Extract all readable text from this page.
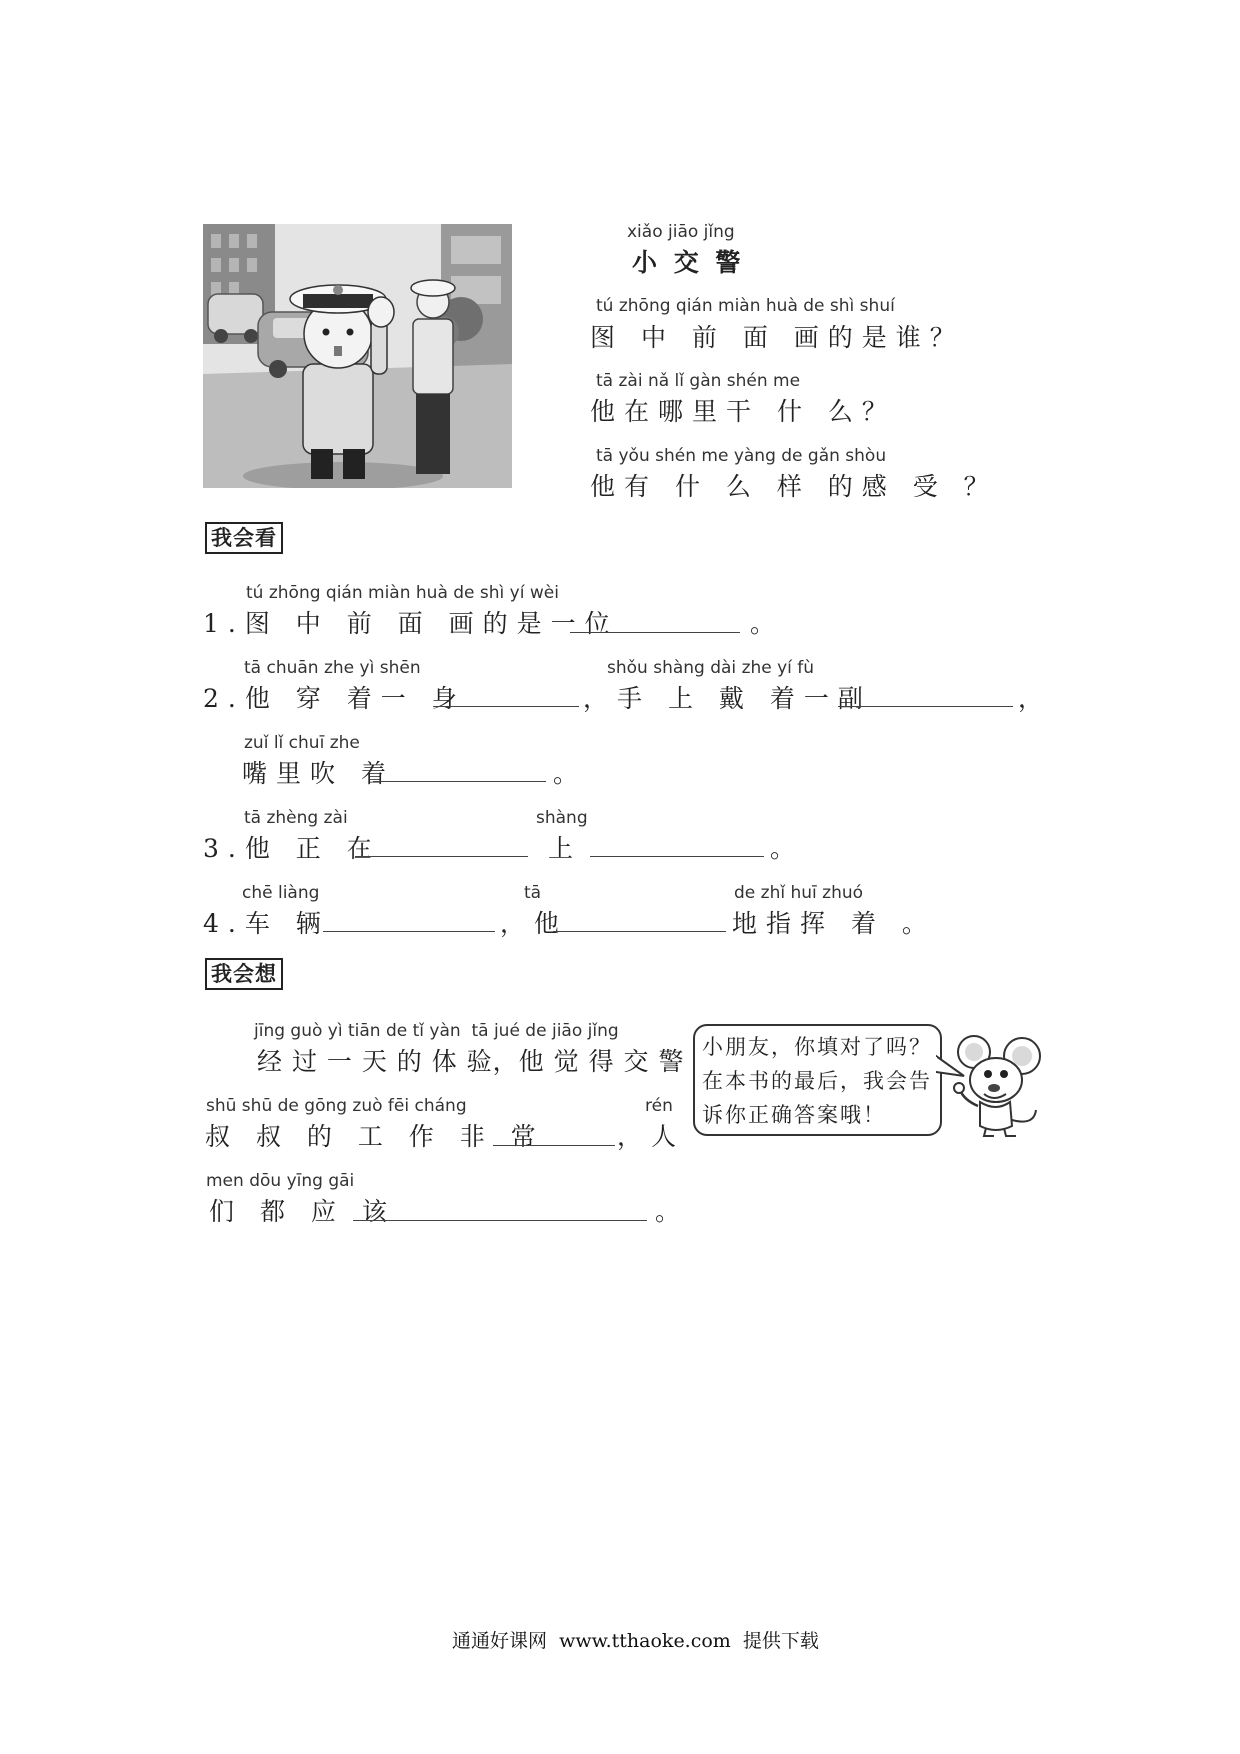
xiǎo jiāo jǐng
小 交 警
tú zhōng qián miàn huà de shì shuí
图 中 前 面 画的是谁？
tā zài nǎ lǐ gàn shén me
他在哪里干 什 么？
tā yǒu shén me yàng de gǎn shòu
他有 什 么 样 的感 受 ？
我会看
tú zhōng qián miàn huà de shì yí wèi
1.图 中 前 面 画的是一位	。
tā chuān zhe yì shēn
2.他 穿 着一 身
shǒu shàng dài zhe yí fù
，手 上 戴 着一副	，
zuǐ lǐ chuī zhe
嘴里吹 着	。
tā zhèng zài
3.他 正 在
shàng
上	。
chē liàng
4.车 辆
tā
，他
de zhǐ huī zhuó
地指挥 着 。
我会想
jīng guò yì tiān de tǐ yàn  tā jué de jiāo jǐng
经 过 一 天 的 体 验，他 觉 得 交 警
shū shū de gōng zuò fēi cháng	rén
叔 叔 的 工 作 非 常	，人
men dōu yīng gāi
们 都 应 该	。
小朋友，你填对了吗？
在本书的最后，我会告
诉你正确答案哦！
通通好课网  www.tthaoke.com  提供下载
